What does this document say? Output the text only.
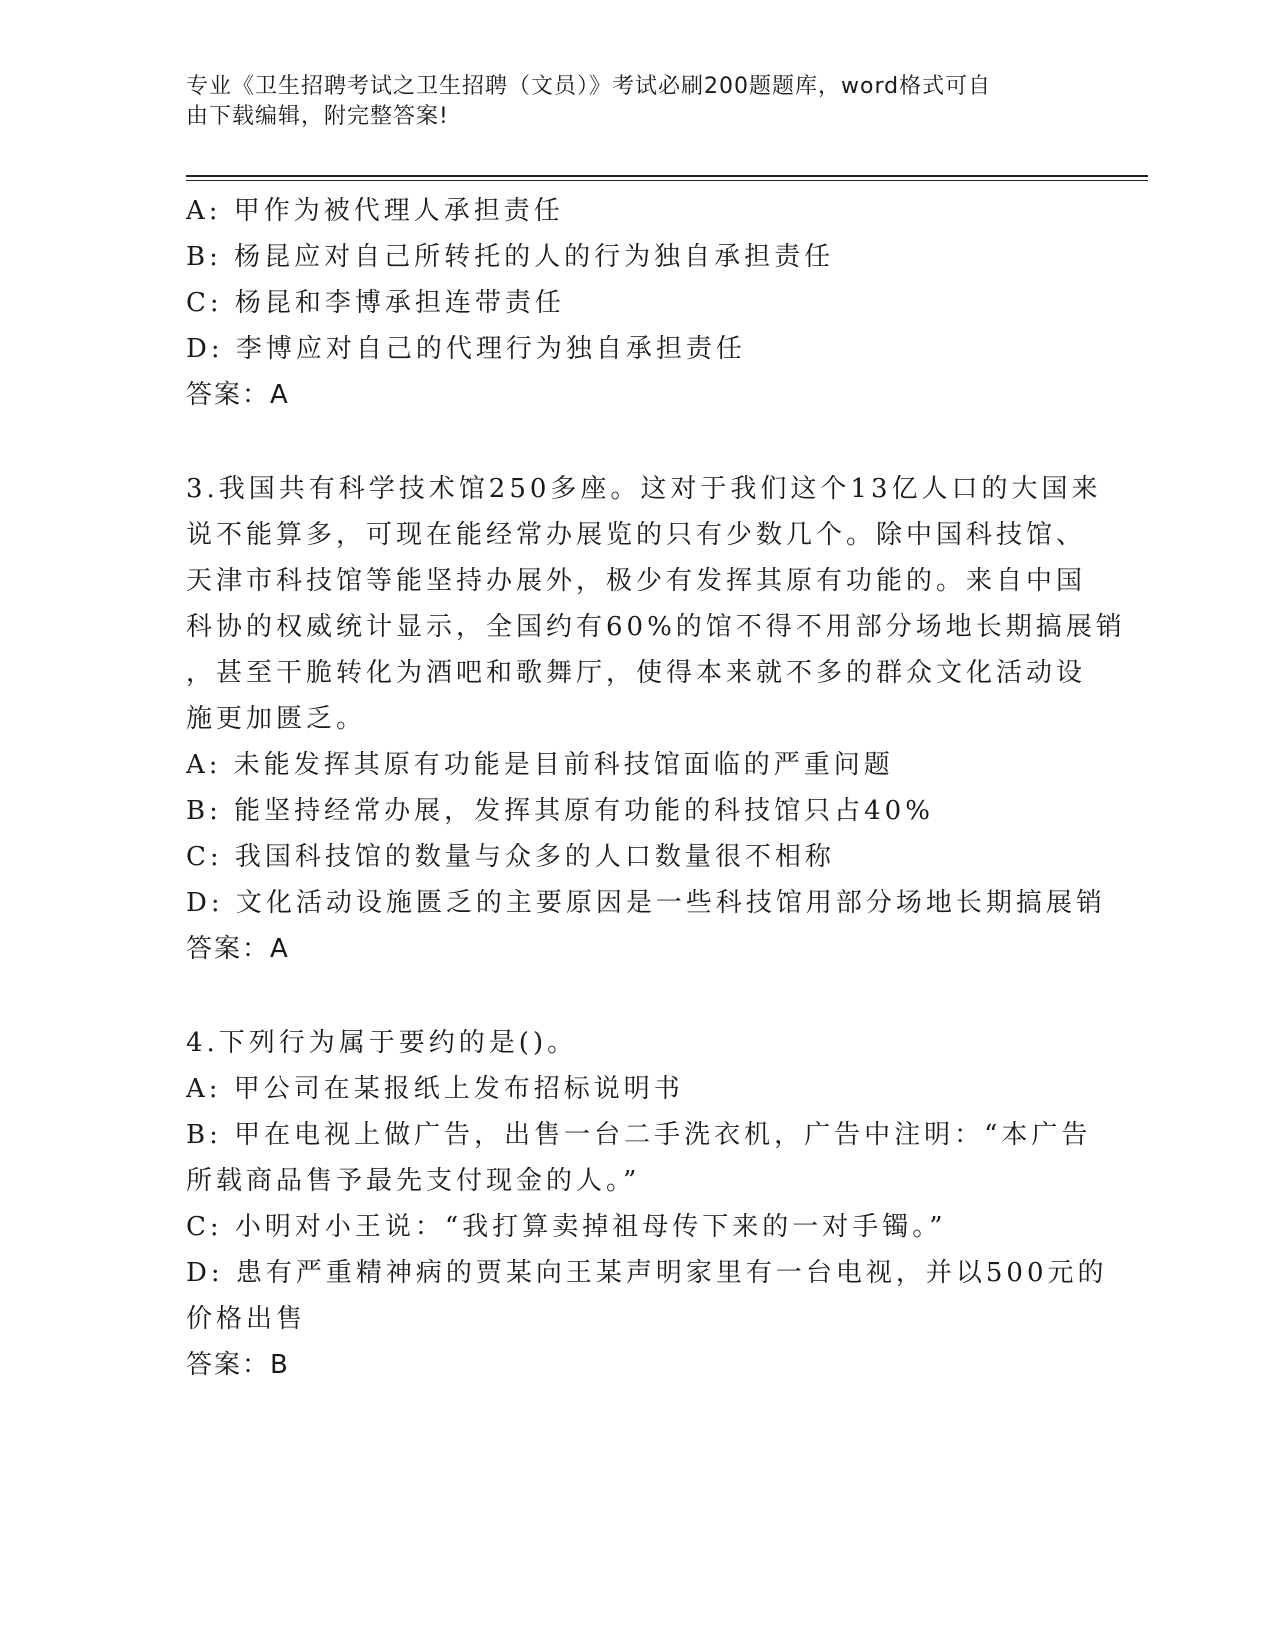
专业《卫生招聘考试之卫生招聘（文员）》考试必刷200题题库，word格式可自
由下载编辑，附完整答案!
A: 甲作为被代理人承担责任
B: 杨昆应对自己所转托的人的行为独自承担责任
C: 杨昆和李博承担连带责任
D: 李博应对自己的代理行为独自承担责任
答案：A
3.我国共有科学技术馆250多座。这对于我们这个13亿人口的大国来
说不能算多，可现在能经常办展览的只有少数几个。除中国科技馆、
天津市科技馆等能坚持办展外，极少有发挥其原有功能的。来自中国
科协的权威统计显示，全国约有60%的馆不得不用部分场地长期搞展销
，甚至干脆转化为酒吧和歌舞厅，使得本来就不多的群众文化活动设
施更加匮乏。
A: 未能发挥其原有功能是目前科技馆面临的严重问题
B: 能坚持经常办展，发挥其原有功能的科技馆只占40%
C: 我国科技馆的数量与众多的人口数量很不相称
D: 文化活动设施匮乏的主要原因是一些科技馆用部分场地长期搞展销
答案：A
4.下列行为属于要约的是()。
A: 甲公司在某报纸上发布招标说明书
B: 甲在电视上做广告，出售一台二手洗衣机，广告中注明：“本广告
所载商品售予最先支付现金的人。”
C: 小明对小王说：“我打算卖掉祖母传下来的一对手镯。”
D: 患有严重精神病的贾某向王某声明家里有一台电视，并以500元的
价格出售
答案：B
